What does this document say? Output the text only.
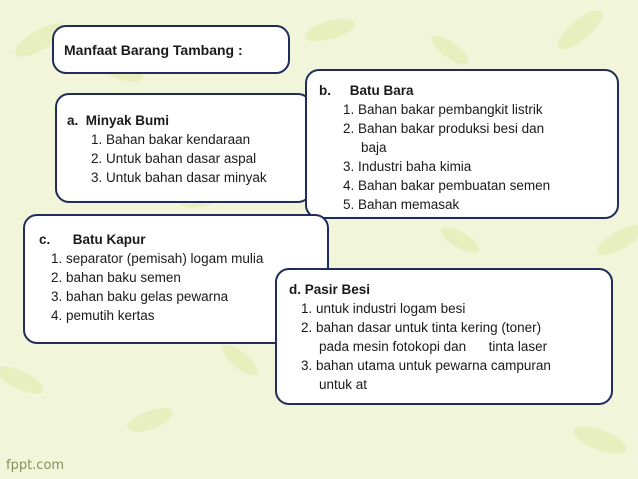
Manfaat Barang Tambang :
a.
Minyak Bumi
1. Bahan bakar kendaraan
2. Untuk bahan dasar aspal
3. Untuk bahan dasar minyak
b.
Batu Bara
1. Bahan bakar pembangkit listrik
2. Bahan bakar produksi besi dan
baja
3. Industri baha kimia
4. Bahan bakar pembuatan semen
5. Bahan memasak
c.
Batu Kapur
1. separator (pemisah) logam mulia
2. bahan baku semen
3. bahan baku gelas pewarna
4. pemutih kertas
d.
Pasir Besi
1. untuk industri logam besi
2. bahan dasar untuk tinta kering (toner)
pada mesin fotokopi dan      tinta laser
3. bahan utama untuk pewarna campuran
untuk at
fppt.com
